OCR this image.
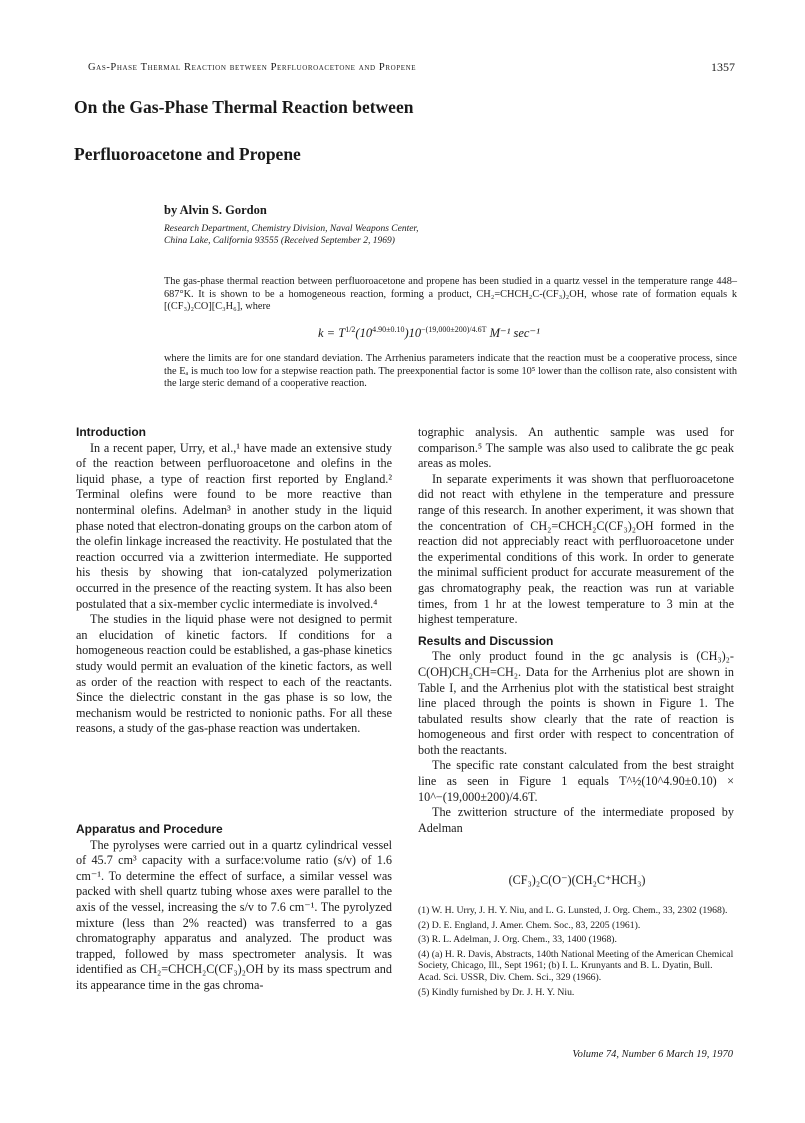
Gas-Phase Thermal Reaction between Perfluoroacetone and Propene	1357
On the Gas-Phase Thermal Reaction between
Perfluoroacetone and Propene
by Alvin S. Gordon
Research Department, Chemistry Division, Naval Weapons Center,
China Lake, California 93555 (Received September 2, 1969)
The gas-phase thermal reaction between perfluoroacetone and propene has been studied in a quartz vessel in the temperature range 448–687°K. It is shown to be a homogeneous reaction, forming a product, CH₂=CHCH₂C-(CF₃)₂OH, whose rate of formation equals k [(CF₃)₂CO][C₃H₆], where
$k = T^{1/2}(10^{4.90\pm 0.10})10^{-(19,000\pm 200)/4.6T}$ M⁻¹ sec⁻¹
where the limits are for one standard deviation. The Arrhenius parameters indicate that the reaction must be a cooperative process, since the Eₐ is much too low for a stepwise reaction path. The preexponential factor is some 10⁵ lower than the collison rate, also consistent with the large steric demand of a cooperative reaction.
Introduction

In a recent paper, Urry, et al.,¹ have made an extensive study of the reaction between perfluoroacetone and olefins in the liquid phase, a type of reaction first reported by England.² Terminal olefins were found to be more reactive than nonterminal olefins. Adelman³ in another study in the liquid phase noted that electron-donating groups on the carbon atom of the olefin linkage increased the reactivity. He postulated that the reaction occurred via a zwitterion intermediate. He supported his thesis by showing that ion-catalyzed polymerization occurred in the presence of the reacting system. It has also been postulated that a six-member cyclic intermediate is involved.⁴

The studies in the liquid phase were not designed to permit an elucidation of kinetic factors. If conditions for a homogeneous reaction could be established, a gas-phase kinetics study would permit an evaluation of the kinetic factors, as well as order of the reaction with respect to each of the reactants. Since the dielectric constant in the gas phase is so low, the mechanism would be restricted to nonionic paths. For all these reasons, a study of the gas-phase reaction was undertaken.

Apparatus and Procedure

The pyrolyses were carried out in a quartz cylindrical vessel of 45.7 cm³ capacity with a surface:volume ratio (s/v) of 1.6 cm⁻¹. To determine the effect of surface, a similar vessel was packed with shell quartz tubing whose axes were parallel to the axis of the vessel, increasing the s/v to 7.6 cm⁻¹. The pyrolyzed mixture (less than 2% reacted) was transferred to a gas chromatography apparatus and analyzed. The product was trapped, followed by mass spectrometer analysis. It was identified as CH₂=CHCH₂C(CF₃)₂OH by its mass spectrum and its appearance time in the gas chroma-

tographic analysis. An authentic sample was used for comparison.⁵ The sample was also used to calibrate the gc peak areas as moles.

In separate experiments it was shown that perfluoroacetone did not react with ethylene in the temperature and pressure range of this research. In another experiment, it was shown that the concentration of CH₂=CHCH₂C(CF₃)₂OH formed in the reaction did not appreciably react with perfluoroacetone under the experimental conditions of this work. In order to generate the minimal sufficient product for accurate measurement of the gas chromatography peak, the reaction was run at variable times, from 1 hr at the lowest temperature to 3 min at the highest temperature.

Results and Discussion

The only product found in the gc analysis is (CH₃)₂-C(OH)CH₂CH=CH₂. Data for the Arrhenius plot are shown in Table I, and the Arrhenius plot with the statistical best straight line placed through the points is shown in Figure 1. The tabulated results show clearly that the rate of reaction is homogeneous and first order with respect to concentration of both the reactants.

The specific rate constant calculated from the best straight line as seen in Figure 1 equals T^½(10^4.90±0.10) × 10^−(19,000±200)/4.6T.

The zwitterion structure of the intermediate proposed by Adelman

(CF₃)₂C(O⁻)(CH₂C⁺HCH₃)
(1) W. H. Urry, J. H. Y. Niu, and L. G. Lunsted, J. Org. Chem., 33, 2302 (1968).
(2) D. E. England, J. Amer. Chem. Soc., 83, 2205 (1961).
(3) R. L. Adelman, J. Org. Chem., 33, 1400 (1968).
(4) (a) H. R. Davis, Abstracts, 140th National Meeting of the American Chemical Society, Chicago, Ill., Sept 1961; (b) I. L. Krunyants and B. L. Dyatin, Bull. Acad. Sci. USSR, Div. Chem. Sci., 329 (1966).
(5) Kindly furnished by Dr. J. H. Y. Niu.
Volume 74, Number 6 March 19, 1970
